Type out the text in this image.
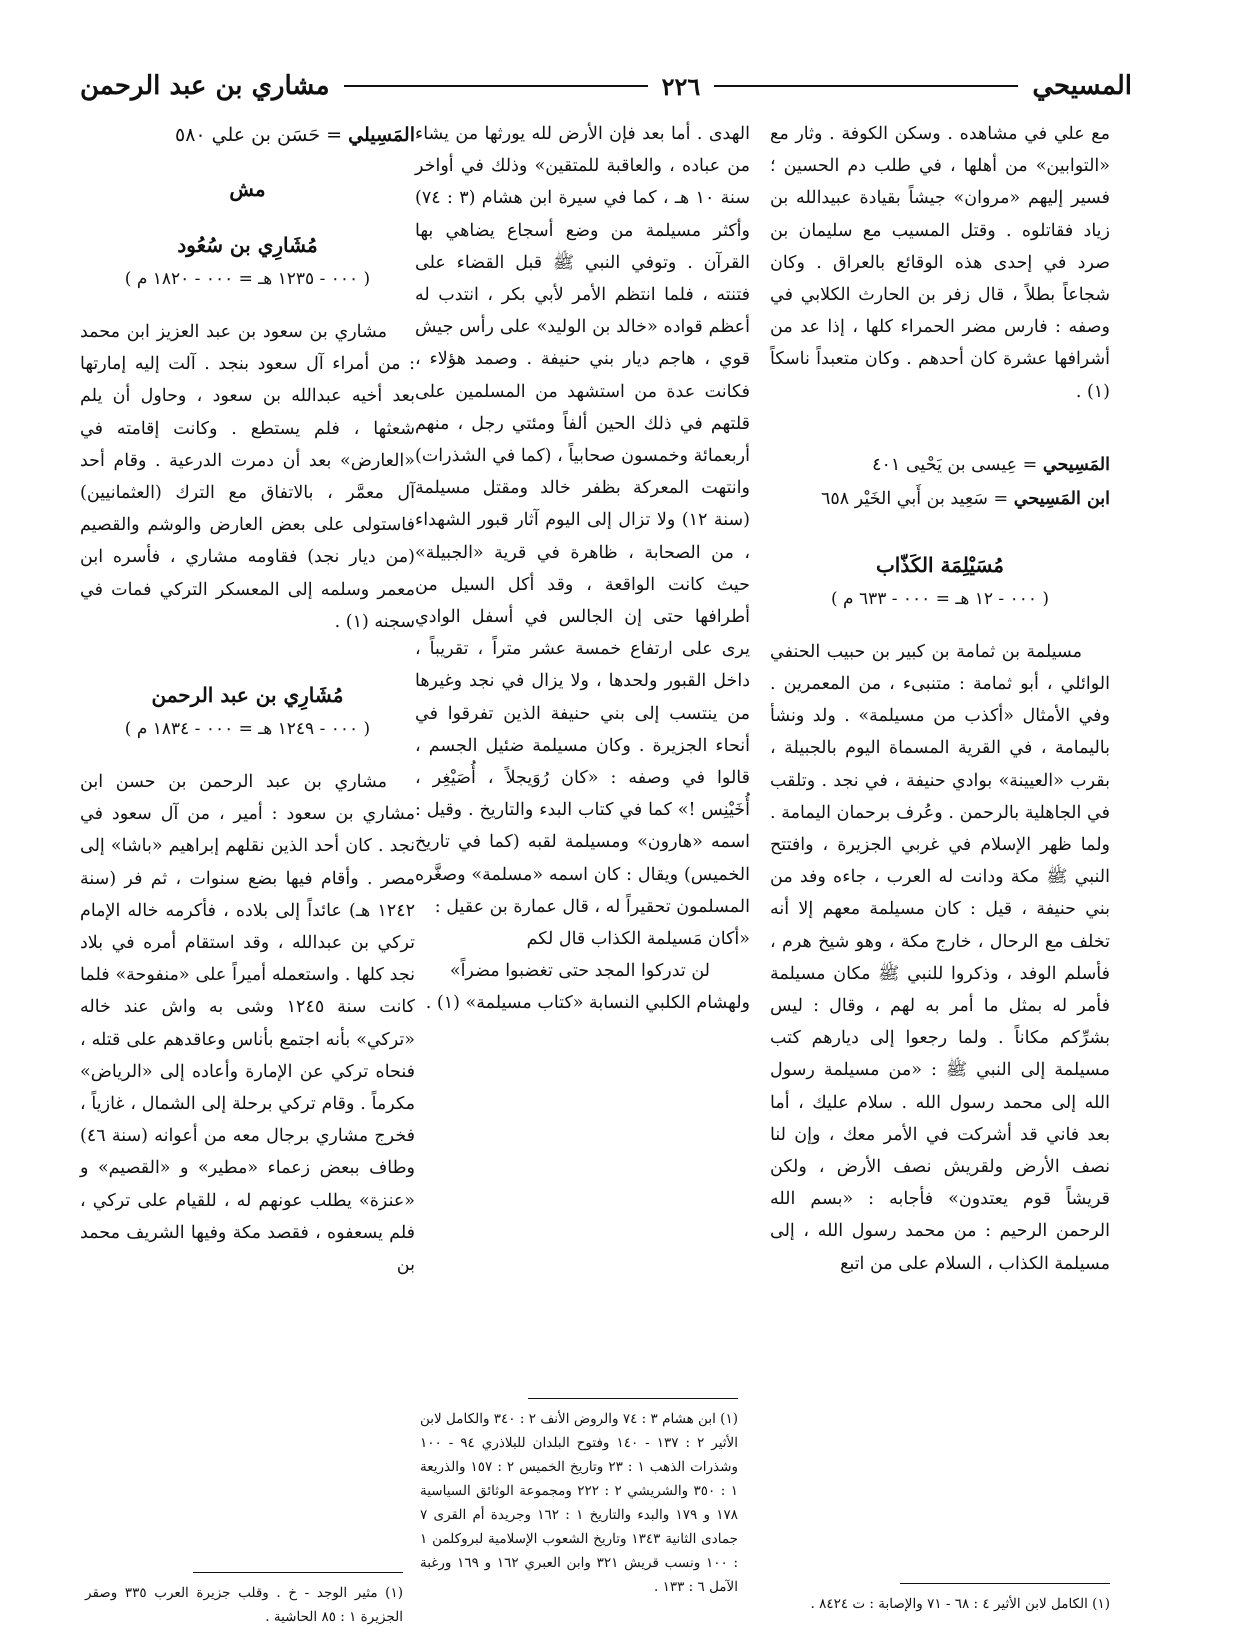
المسيحي
٢٢٦
مشاري بن عبد الرحمن

مع علي في مشاهده . وسكن الكوفة . وثار مع «التوابين» من أهلها ، في طلب دم الحسين ؛ فسير إليهم «مروان» جيشاً بقيادة عبيدالله بن زياد فقاتلوه . وقتل المسيب مع سليمان بن صرد في إحدى هذه الوقائع بالعراق . وكان شجاعاً بطلاً ، قال زفر بن الحارث الكلابي في وصفه : فارس مضر الحمراء كلها ، إذا عد من أشرافها عشرة كان أحدهم . وكان متعبداً ناسكاً (١) .

المَسِيحي = عِيسى بن يَحْيى ٤٠١

ابن المَسِيحي = سَعِيد بن أَبي الخَيْر ٦٥٨

مُسَيْلِمَة الكَذّاب

( ٠٠٠ - ١٢ هـ = ٠٠٠ - ٦٣٣ م )

مسيلمة بن ثمامة بن كبير بن حبيب الحنفي الوائلي ، أبو ثمامة : متنبىء ، من المعمرين . وفي الأمثال «أكذب من مسيلمة» . ولد ونشأ باليمامة ، في القرية المسماة اليوم بالجبيلة ، بقرب «العيينة» بوادي حنيفة ، في نجد . وتلقب في الجاهلية بالرحمن . وعُرف برحمان اليمامة . ولما ظهر الإسلام في غربي الجزيرة ، وافتتح النبي ﷺ مكة ودانت له العرب ، جاءه وفد من بني حنيفة ، قيل : كان مسيلمة معهم إلا أنه تخلف مع الرحال ، خارج مكة ، وهو شيخ هرم ، فأسلم الوفد ، وذكروا للنبي ﷺ مكان مسيلمة فأمر له بمثل ما أمر به لهم ، وقال : ليس بشرِّكم مكاناً . ولما رجعوا إلى ديارهم كتب مسيلمة إلى النبي ﷺ : «من مسيلمة رسول الله إلى محمد رسول الله . سلام عليك ، أما بعد فاني قد أشركت في الأمر معك ، وإن لنا نصف الأرض ولقريش نصف الأرض ، ولكن قريشاً قوم يعتدون» فأجابه : «بسم الله الرحمن الرحيم : من محمد رسول الله ، إلى مسيلمة الكذاب ، السلام على من اتبع

(١) الكامل لابن الأثير ٤ : ٦٨ - ٧١ والإصابة : ت ٨٤٢٤ .

الهدى . أما بعد فإن الأرض لله يورثها من يشاء من عباده ، والعاقبة للمتقين» وذلك في أواخر سنة ١٠ هـ ، كما في سيرة ابن هشام (٣ : ٧٤) وأكثر مسيلمة من وضع أسجاع يضاهي بها القرآن . وتوفي النبي ﷺ قبل القضاء على فتنته ، فلما انتظم الأمر لأبي بكر ، انتدب له أعظم قواده «خالد بن الوليد» على رأس جيش قوي ، هاجم ديار بني حنيفة . وصمد هؤلاء ، فكانت عدة من استشهد من المسلمين على قلتهم في ذلك الحين ألفاً ومئتي رجل ، منهم أربعمائة وخمسون صحابياً ، (كما في الشذرات) وانتهت المعركة بظفر خالد ومقتل مسيلمة (سنة ١٢) ولا تزال إلى اليوم آثار قبور الشهداء ، من الصحابة ، ظاهرة في قرية «الجبيلة» حيث كانت الواقعة ، وقد أكل السيل من أطرافها حتى إن الجالس في أسفل الوادي يرى على ارتفاع خمسة عشر متراً ، تقريباً ، داخل القبور ولحدها ، ولا يزال في نجد وغيرها من ينتسب إلى بني حنيفة الذين تفرقوا في أنحاء الجزيرة . وكان مسيلمة ضئيل الجسم ، قالوا في وصفه : «كان رُوَيجلاً ، أُصَيْغِر ، أُخَيْنِس !» كما في كتاب البدء والتاريخ . وقيل : اسمه «هارون» ومسيلمة لقبه (كما في تاريخ الخميس) ويقال : كان اسمه «مسلمة» وصغَّره المسلمون تحقيراً له ، قال عمارة بن عقيل :

«أكان مَسيلمة الكذاب قال لكم

لن تدركوا المجد حتى تغضبوا مضراً»

ولهشام الكلبي النسابة «كتاب مسيلمة» (١) .

(١) ابن هشام ٣ : ٧٤ والروض الأنف ٢ : ٣٤٠ والكامل لابن الأثير ٢ : ١٣٧ - ١٤٠ وفتوح البلدان للبلاذري ٩٤ - ١٠٠ وشذرات الذهب ١ : ٢٣ وتاريخ الخميس ٢ : ١٥٧ والذريعة ١ : ٣٥٠ والشريشي ٢ : ٢٢٢ ومجموعة الوثائق السياسية ١٧٨ و ١٧٩ والبدء والتاريخ ١ : ١٦٢ وجريدة أم القرى ٧ جمادى الثانية ١٣٤٣ وتاريخ الشعوب الإسلامية لبروكلمن ١ : ١٠٠ ونسب قريش ٣٢١ وابن العبري ١٦٢ و ١٦٩ ورغبة الآمل ٦ : ١٣٣ .

المَسِيلي = حَسَن بن علي ٥٨٠

مش

مُشَارِي بن سُعُود

( ٠٠٠ - ١٢٣٥ هـ = ٠٠٠ - ١٨٢٠ م )

مشاري بن سعود بن عبد العزيز ابن محمد : من أمراء آل سعود بنجد . آلت إليه إمارتها بعد أخيه عبدالله بن سعود ، وحاول أن يلم شعثها ، فلم يستطع . وكانت إقامته في «العارض» بعد أن دمرت الدرعية . وقام أحد آل معمَّر ، بالاتفاق مع الترك (العثمانيين) فاستولى على بعض العارض والوشم والقصيم (من ديار نجد) فقاومه مشاري ، فأسره ابن معمر وسلمه إلى المعسكر التركي فمات في سجنه (١) .

مُشَارِي بن عبد الرحمن

( ٠٠٠ - ١٢٤٩ هـ = ٠٠٠ - ١٨٣٤ م )

مشاري بن عبد الرحمن بن حسن ابن مشاري بن سعود : أمير ، من آل سعود في نجد . كان أحد الذين نقلهم إبراهيم «باشا» إلى مصر . وأقام فيها بضع سنوات ، ثم فر (سنة ١٢٤٢ هـ) عائداً إلى بلاده ، فأكرمه خاله الإمام تركي بن عبدالله ، وقد استقام أمره في بلاد نجد كلها . واستعمله أميراً على «منفوحة» فلما كانت سنة ١٢٤٥ وشى به واش عند خاله «تركي» بأنه اجتمع بأناس وعاقدهم على قتله ، فنحاه تركي عن الإمارة وأعاده إلى «الرياض» مكرماً . وقام تركي برحلة إلى الشمال ، غازياً ، فخرج مشاري برجال معه من أعوانه (سنة ٤٦) وطاف ببعض زعماء «مطير» و «القصيم» و «عنزة» يطلب عونهم له ، للقيام على تركي ، فلم يسعفوه ، فقصد مكة وفيها الشريف محمد بن

(١) مثير الوجد - خ . وقلب جزيرة العرب ٣٣٥ وصقر الجزيرة ١ : ٨٥ الحاشية .
